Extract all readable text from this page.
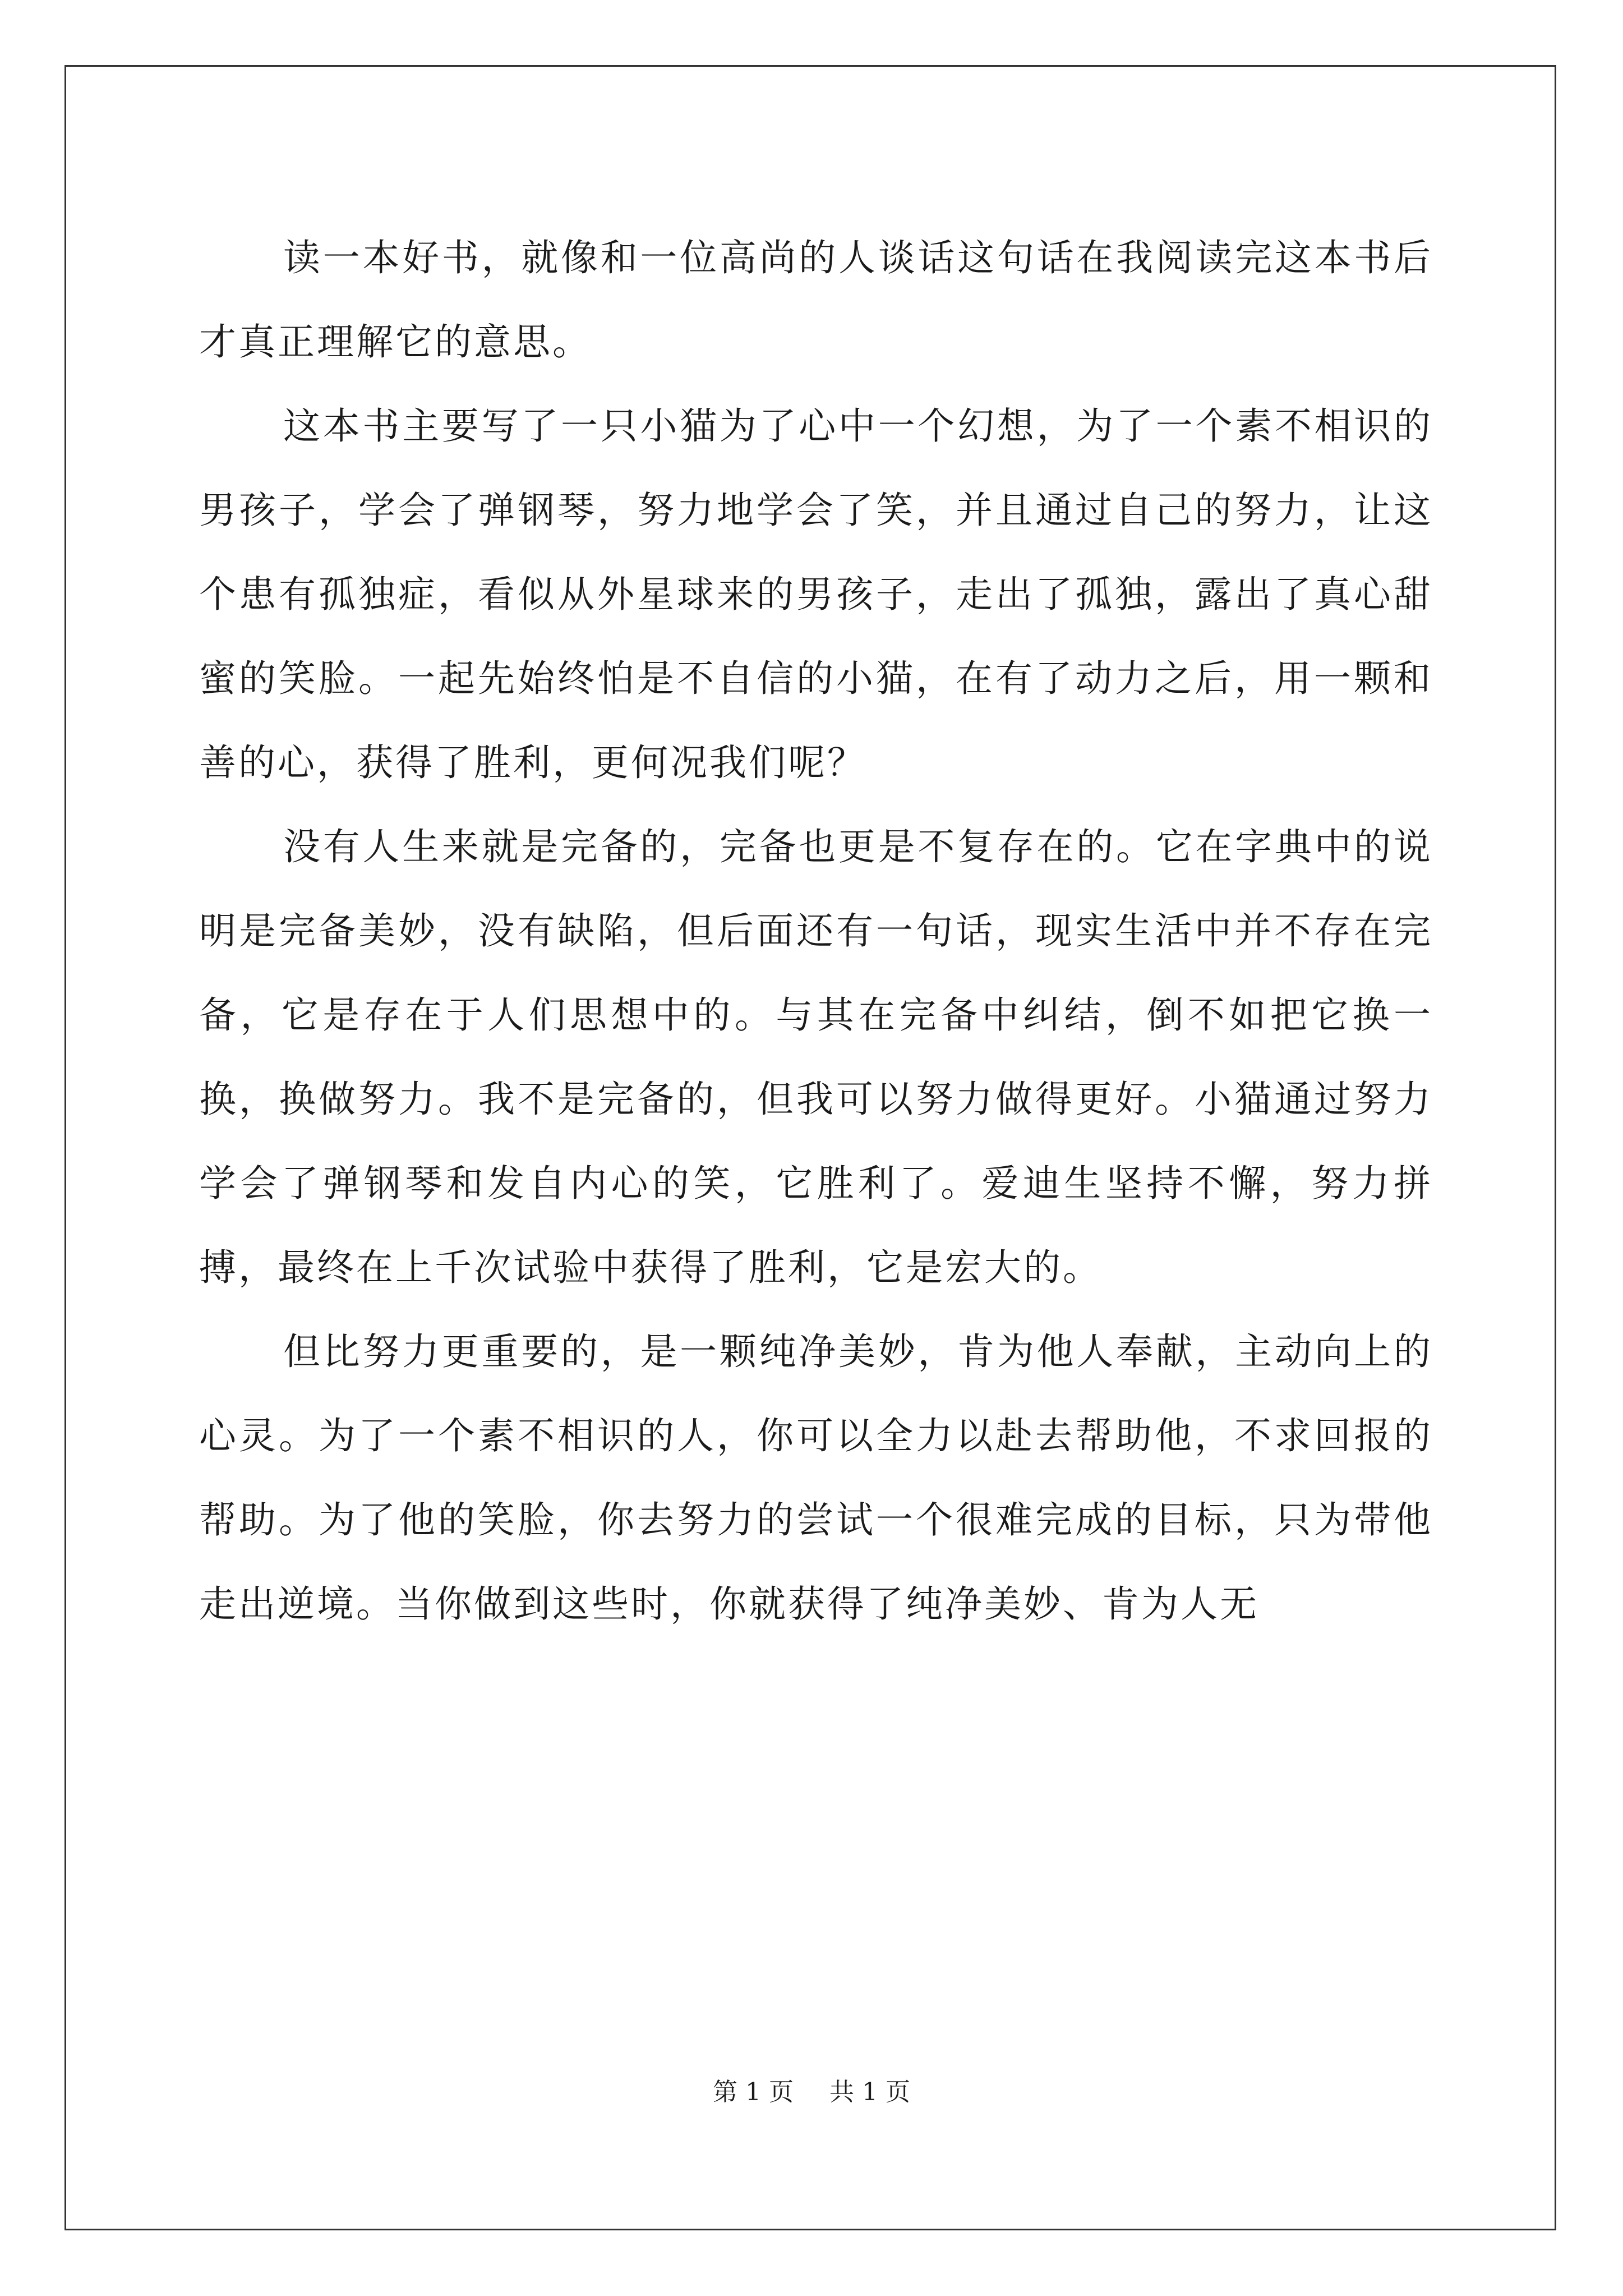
读一本好书，就像和一位高尚的人谈话这句话在我阅读完这本书后才真正理解它的意思。

这本书主要写了一只小猫为了心中一个幻想，为了一个素不相识的男孩子，学会了弹钢琴，努力地学会了笑，并且通过自己的努力，让这个患有孤独症，看似从外星球来的男孩子，走出了孤独，露出了真心甜蜜的笑脸。一起先始终怕是不自信的小猫，在有了动力之后，用一颗和善的心，获得了胜利，更何况我们呢？

没有人生来就是完备的，完备也更是不复存在的。它在字典中的说明是完备美妙，没有缺陷，但后面还有一句话，现实生活中并不存在完备，它是存在于人们思想中的。与其在完备中纠结，倒不如把它换一换，换做努力。我不是完备的，但我可以努力做得更好。小猫通过努力学会了弹钢琴和发自内心的笑，它胜利了。爱迪生坚持不懈，努力拼搏，最终在上千次试验中获得了胜利，它是宏大的。

但比努力更重要的，是一颗纯净美妙，肯为他人奉献，主动向上的心灵。为了一个素不相识的人，你可以全力以赴去帮助他，不求回报的帮助。为了他的笑脸，你去努力的尝试一个很难完成的目标，只为带他走出逆境。当你做到这些时，你就获得了纯净美妙、肯为人无

第 1 页 共 1 页
